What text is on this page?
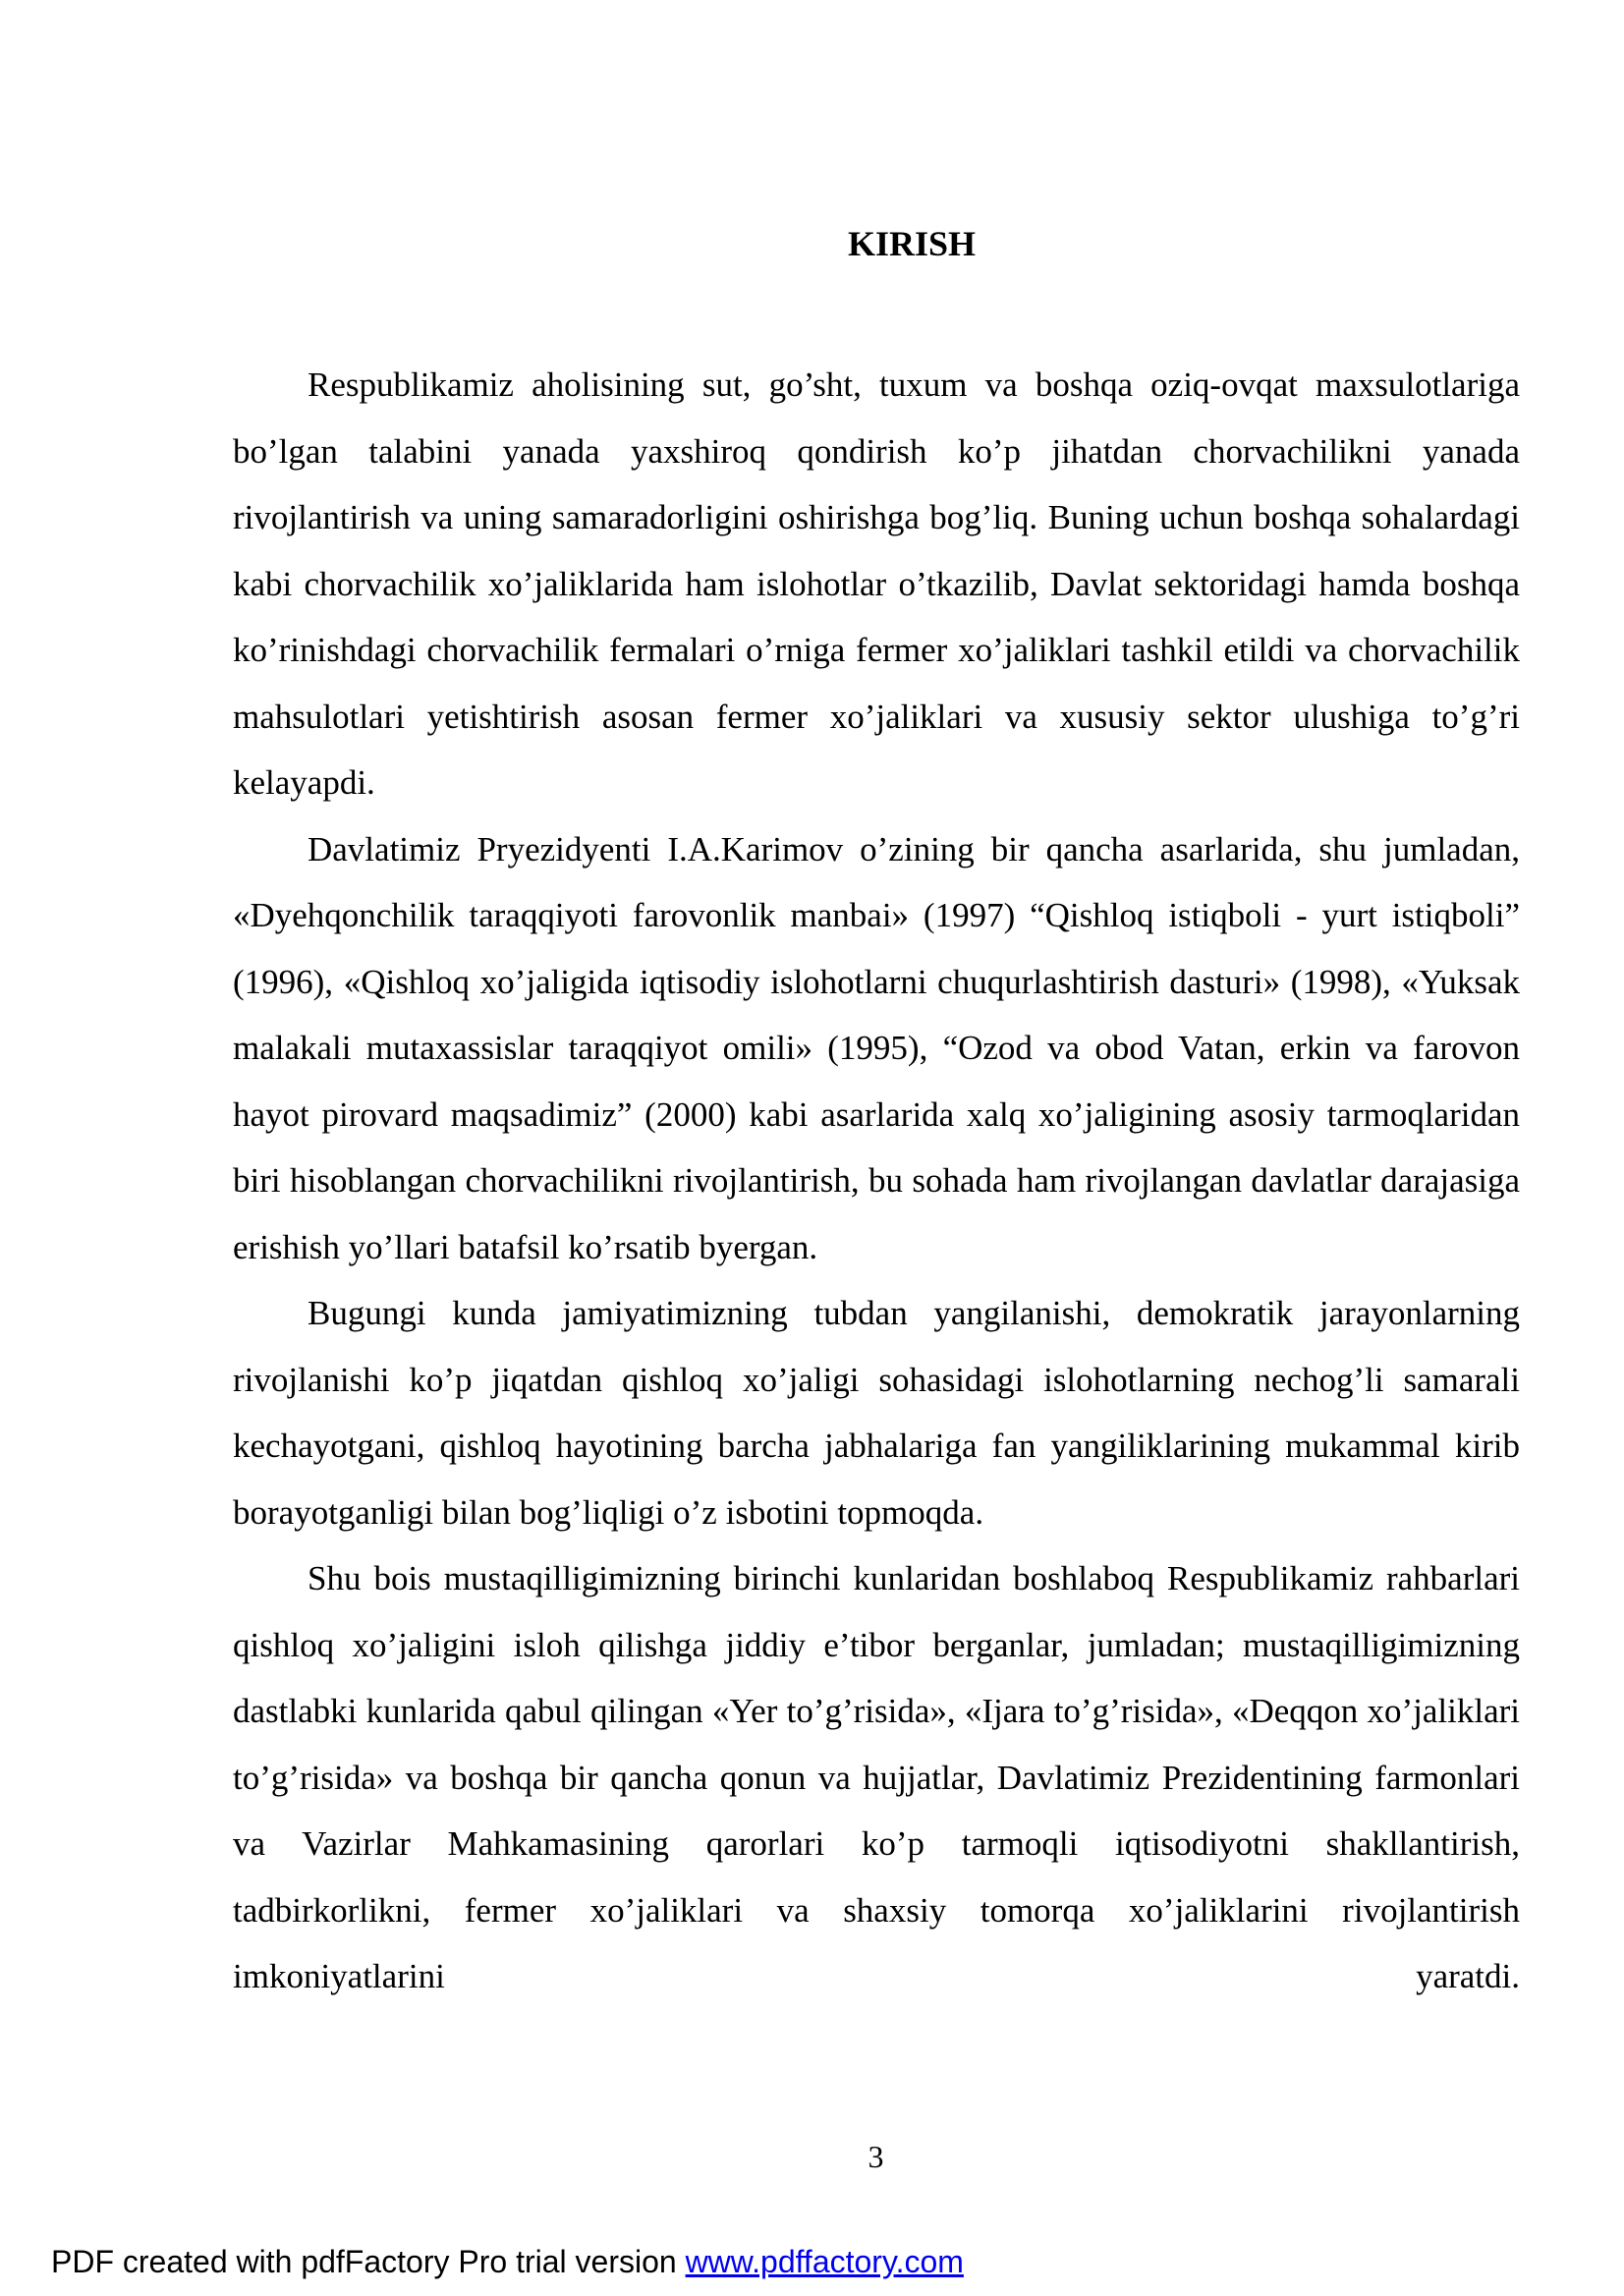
KIRISH

Respublikamiz aholisining sut, go’sht, tuxum va boshqa oziq-ovqat maxsulotlariga bo’lgan talabini yanada yaxshiroq qondirish ko’p jihatdan chorvachilikni yanada rivojlantirish va uning samaradorligini oshirishga bog’liq. Buning uchun boshqa sohalardagi kabi chorvachilik xo’jaliklarida ham islohotlar o’tkazilib, Davlat sektoridagi hamda boshqa ko’rinishdagi chorvachilik fermalari o’rniga fermer xo’jaliklari tashkil etildi va chorvachilik mahsulotlari yetishtirish asosan fermer xo’jaliklari va xususiy sektor ulushiga to’g’ri kelayapdi.

Davlatimiz Pryezidyenti I.A.Karimov o’zining bir qancha asarlarida, shu jumladan, «Dyehqonchilik taraqqiyoti farovonlik manbai» (1997) “Qishloq istiqboli - yurt istiqboli” (1996), «Qishloq xo’jaligida iqtisodiy islohotlarni chuqurlashtirish dasturi» (1998), «Yuksak malakali mutaxassislar taraqqiyot omili» (1995), “Ozod va obod Vatan, erkin va farovon hayot pirovard maqsadimiz” (2000) kabi asarlarida xalq xo’jaligining asosiy tarmoqlaridan biri hisoblangan chorvachilikni rivojlantirish, bu sohada ham rivojlangan davlatlar darajasiga erishish yo’llari batafsil ko’rsatib byergan.

Bugungi kunda jamiyatimizning tubdan yangilanishi, demokratik jarayonlarning rivojlanishi ko’p jiqatdan qishloq xo’jaligi sohasidagi islohotlarning nechog’li samarali kechayotgani, qishloq hayotining barcha jabhalariga fan yangiliklarining mukammal kirib borayotganligi bilan bog’liqligi o’z isbotini topmoqda.

Shu bois mustaqilligimizning birinchi kunlaridan boshlaboq Respublikamiz rahbarlari qishloq xo’jaligini isloh qilishga jiddiy e’tibor berganlar, jumladan; mustaqilligimizning dastlabki kunlarida qabul qilingan «Yer to’g’risida», «Ijara to’g’risida», «Deqqon xo’jaliklari to’g’risida» va boshqa bir qancha qonun va hujjatlar, Davlatimiz Prezidentining farmonlari va Vazirlar Mahkamasining qarorlari ko’p tarmoqli iqtisodiyotni shakllantirish, tadbirkorlikni, fermer xo’jaliklari va shaxsiy tomorqa xo’jaliklarini rivojlantirish imkoniyatlarini yaratdi.

3
PDF created with pdfFactory Pro trial version www.pdffactory.com
